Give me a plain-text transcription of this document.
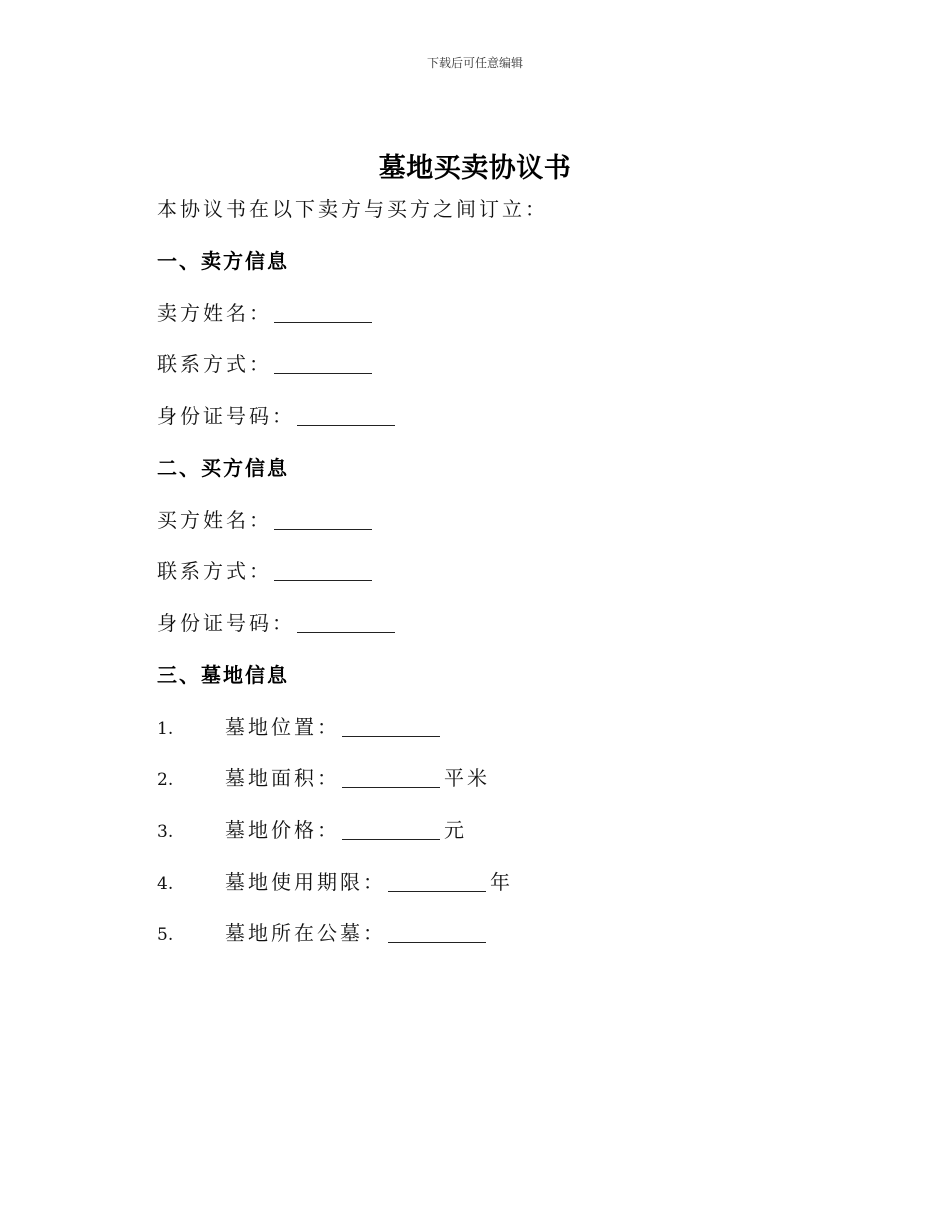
下载后可任意编辑
墓地买卖协议书
本协议书在以下卖方与买方之间订立：
一、卖方信息
卖方姓名：
联系方式：
身份证号码：
二、买方信息
买方姓名：
联系方式：
身份证号码：
三、墓地信息
1.	墓地位置：
2.	墓地面积：	平米
3.	墓地价格：	元
4.	墓地使用期限：	年
5.	墓地所在公墓：
